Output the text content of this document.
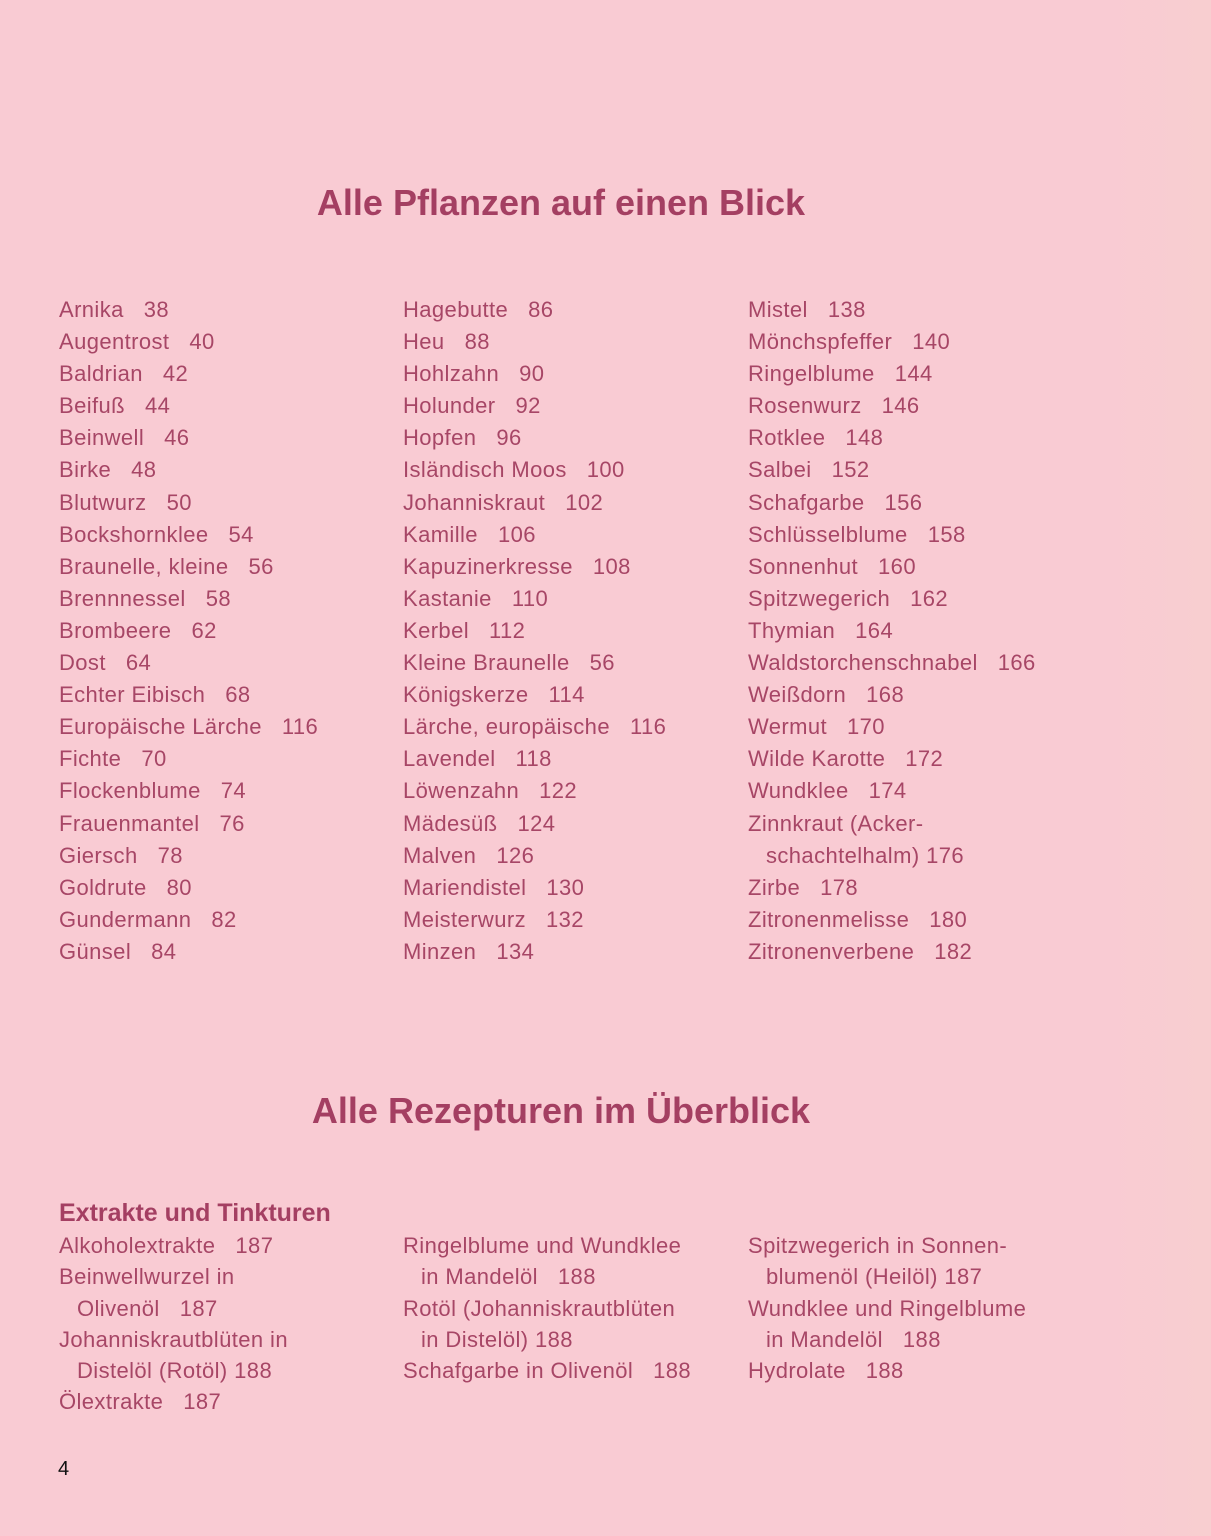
Alle Pflanzen auf einen Blick
Arnika 38
Augentrost 40
Baldrian 42
Beifuß 44
Beinwell 46
Birke 48
Blutwurz 50
Bockshornklee 54
Braunelle, kleine 56
Brennnessel 58
Brombeere 62
Dost 64
Echter Eibisch 68
Europäische Lärche 116
Fichte 70
Flockenblume 74
Frauenmantel 76
Giersch 78
Goldrute 80
Gundermann 82
Günsel 84
Hagebutte 86
Heu 88
Hohlzahn 90
Holunder 92
Hopfen 96
Isländisch Moos 100
Johanniskraut 102
Kamille 106
Kapuzinerkresse 108
Kastanie 110
Kerbel 112
Kleine Braunelle 56
Königskerze 114
Lärche, europäische 116
Lavendel 118
Löwenzahn 122
Mädesüß 124
Malven 126
Mariendistel 130
Meisterwurz 132
Minzen 134
Mistel 138
Mönchspfeffer 140
Ringelblume 144
Rosenwurz 146
Rotklee 148
Salbei 152
Schafgarbe 156
Schlüsselblume 158
Sonnenhut 160
Spitzwegerich 162
Thymian 164
Waldstorchenschnabel 166
Weißdorn 168
Wermut 170
Wilde Karotte 172
Wundklee 174
Zinnkraut (Acker-
schachtelhalm) 176
Zirbe 178
Zitronenmelisse 180
Zitronenverbene 182
Alle Rezepturen im Überblick
Extrakte und Tinkturen
Alkoholextrakte 187
Beinwellwurzel in
Olivenöl 187
Johanniskrautblüten in
Distelöl (Rotöl) 188
Ölextrakte 187
Ringelblume und Wundklee
in Mandelöl 188
Rotöl (Johanniskrautblüten
in Distelöl) 188
Schafgarbe in Olivenöl 188
Spitzwegerich in Sonnen-
blumenöl (Heilöl) 187
Wundklee und Ringelblume
in Mandelöl 188
Hydrolate 188
4
